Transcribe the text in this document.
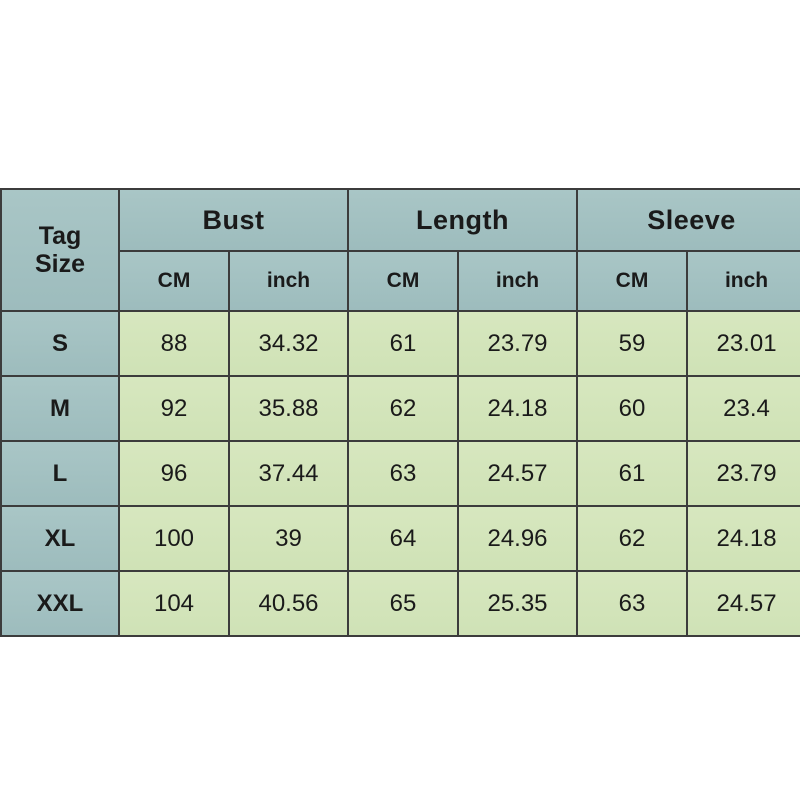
Tag
Size	Bust		Length		Sleeve	
	CM	inch	CM	inch	CM	inch
S	88	34.32	61	23.79	59	23.01
M	92	35.88	62	24.18	60	23.4
L	96	37.44	63	24.57	61	23.79
XL	100	39	64	24.96	62	24.18
XXL	104	40.56	65	25.35	63	24.57
